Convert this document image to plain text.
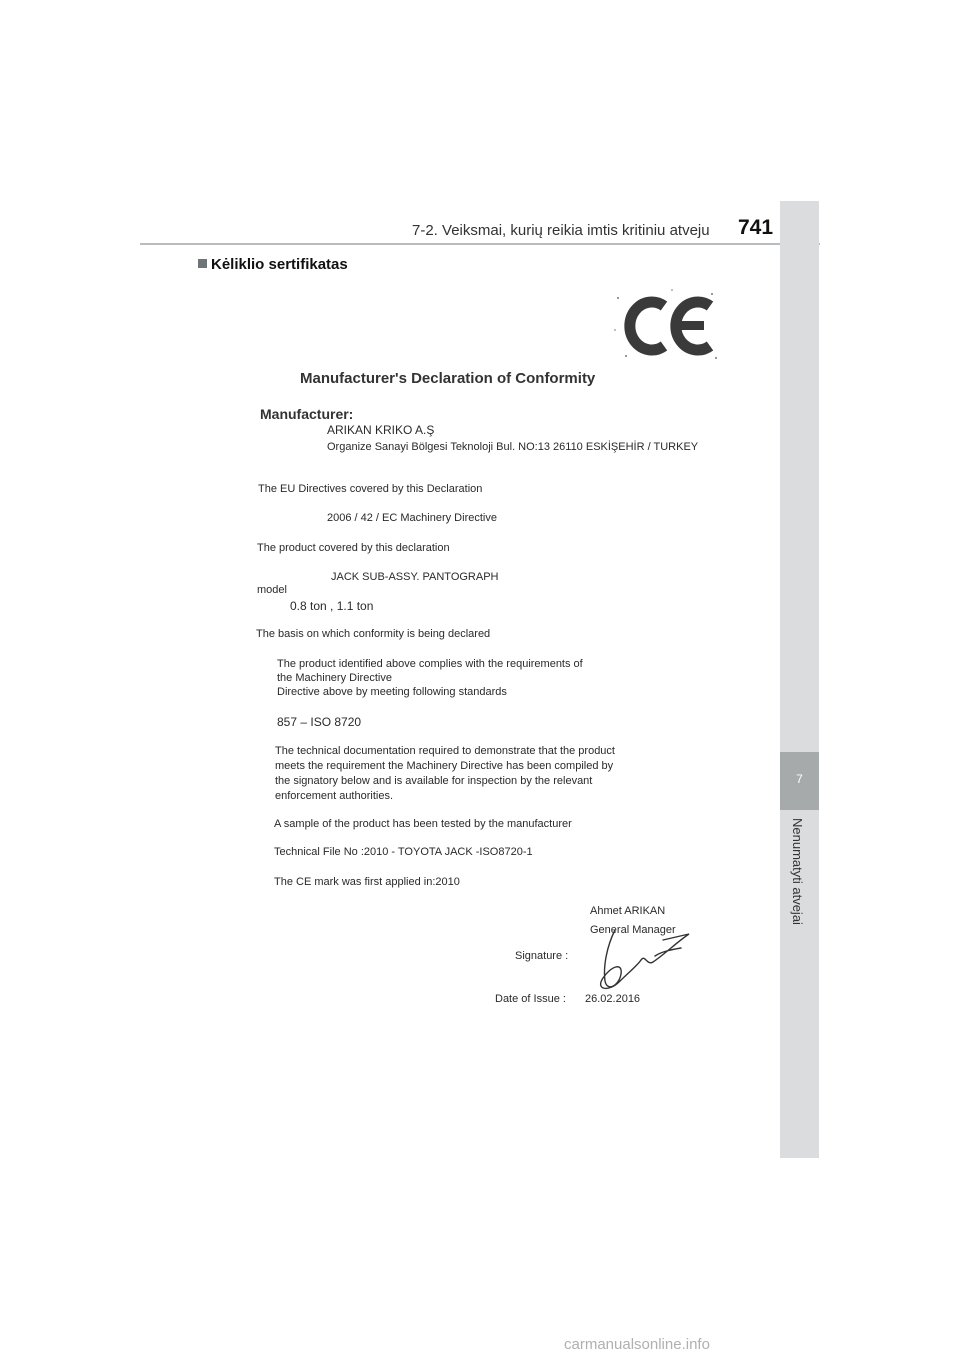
7-2. Veiksmai, kurių reikia imtis kritiniu atveju 741
7
Nenumatyti atvejai
Kėliklio sertifikatas
Manufacturer's Declaration of Conformity
Manufacturer:
ARIKAN KRIKO A.Ş
Organize Sanayi Bölgesi Teknoloji Bul. NO:13 26110 ESKİŞEHİR / TURKEY
The EU Directives covered by this Declaration
2006 / 42 / EC Machinery Directive
The product covered by this declaration
JACK SUB-ASSY. PANTOGRAPH
model
0.8 ton , 1.1 ton
The basis on which conformity is being declared
The product identified above complies with the requirements of
the Machinery Directive
Directive above by meeting following standards
857 – ISO 8720
The technical documentation required to demonstrate that the product
meets the requirement the Machinery Directive has been compiled by
the signatory below and is available for inspection by the relevant
enforcement authorities.
A sample of the product has been tested by the manufacturer
Technical File No :2010 - TOYOTA JACK -ISO8720-1
The CE mark was first applied in:2010
Ahmet ARIKAN
General Manager
Signature :
Date of Issue : 26.02.2016
carmanualsonline.info
